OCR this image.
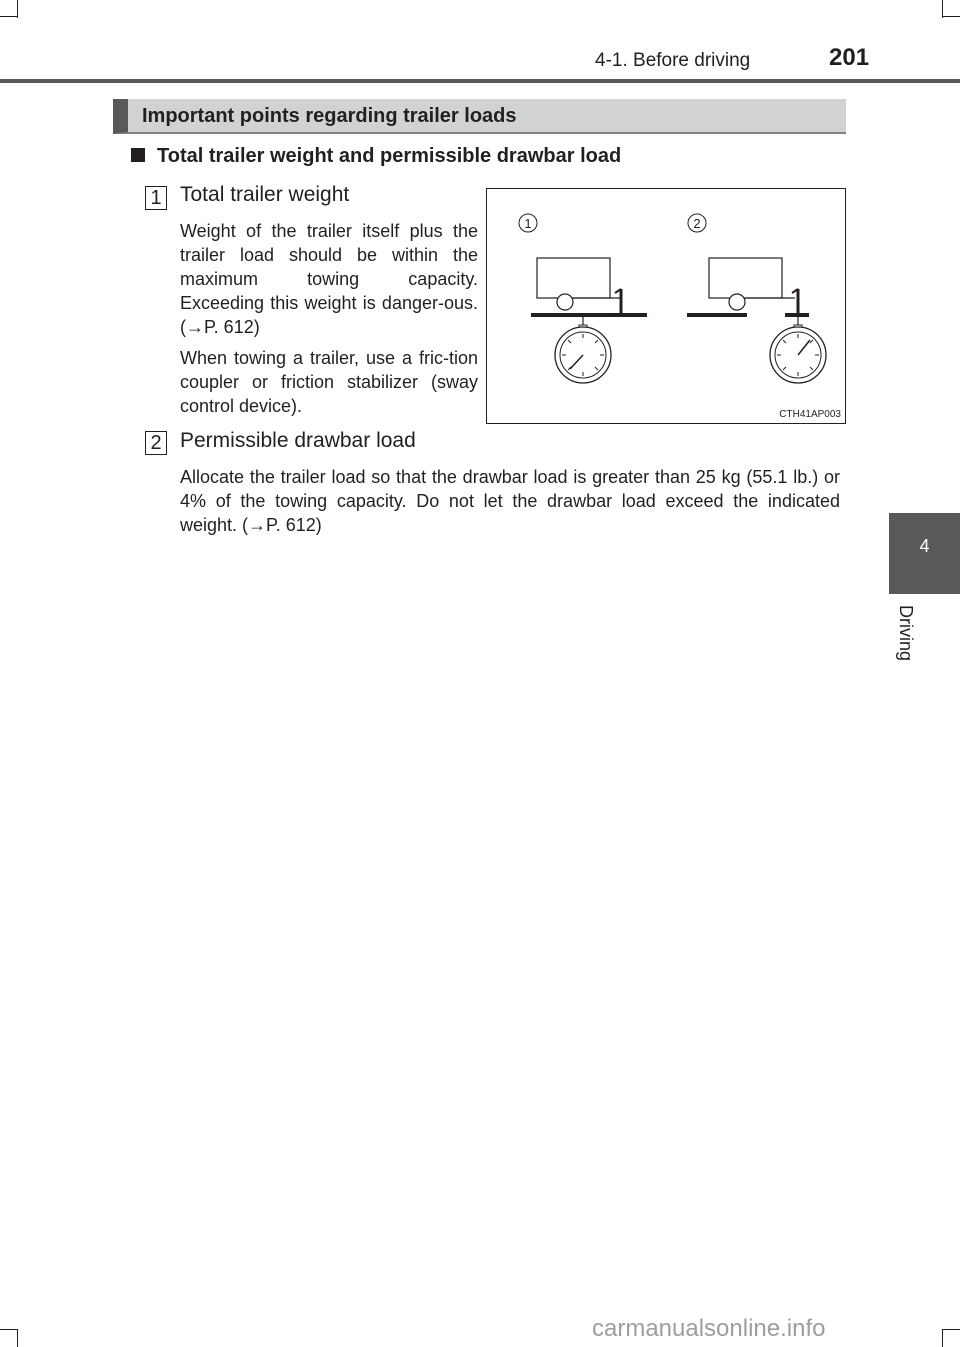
4-1. Before driving	201
4
Driving
Important points regarding trailer loads
Total trailer weight and permissible drawbar load
1 Total trailer weight

Weight of the trailer itself plus the trailer load should be within the maximum towing capacity. Exceeding this weight is danger-ous. (→P. 612)

When towing a trailer, use a fric-tion coupler or friction stabilizer (sway control device).

1	2
CTH41AP003
2 Permissible drawbar load

Allocate the trailer load so that the drawbar load is greater than 25 kg (55.1 lb.) or 4% of the towing capacity. Do not let the drawbar load exceed the indicated weight. (→P. 612)

carmanualsonline.info
